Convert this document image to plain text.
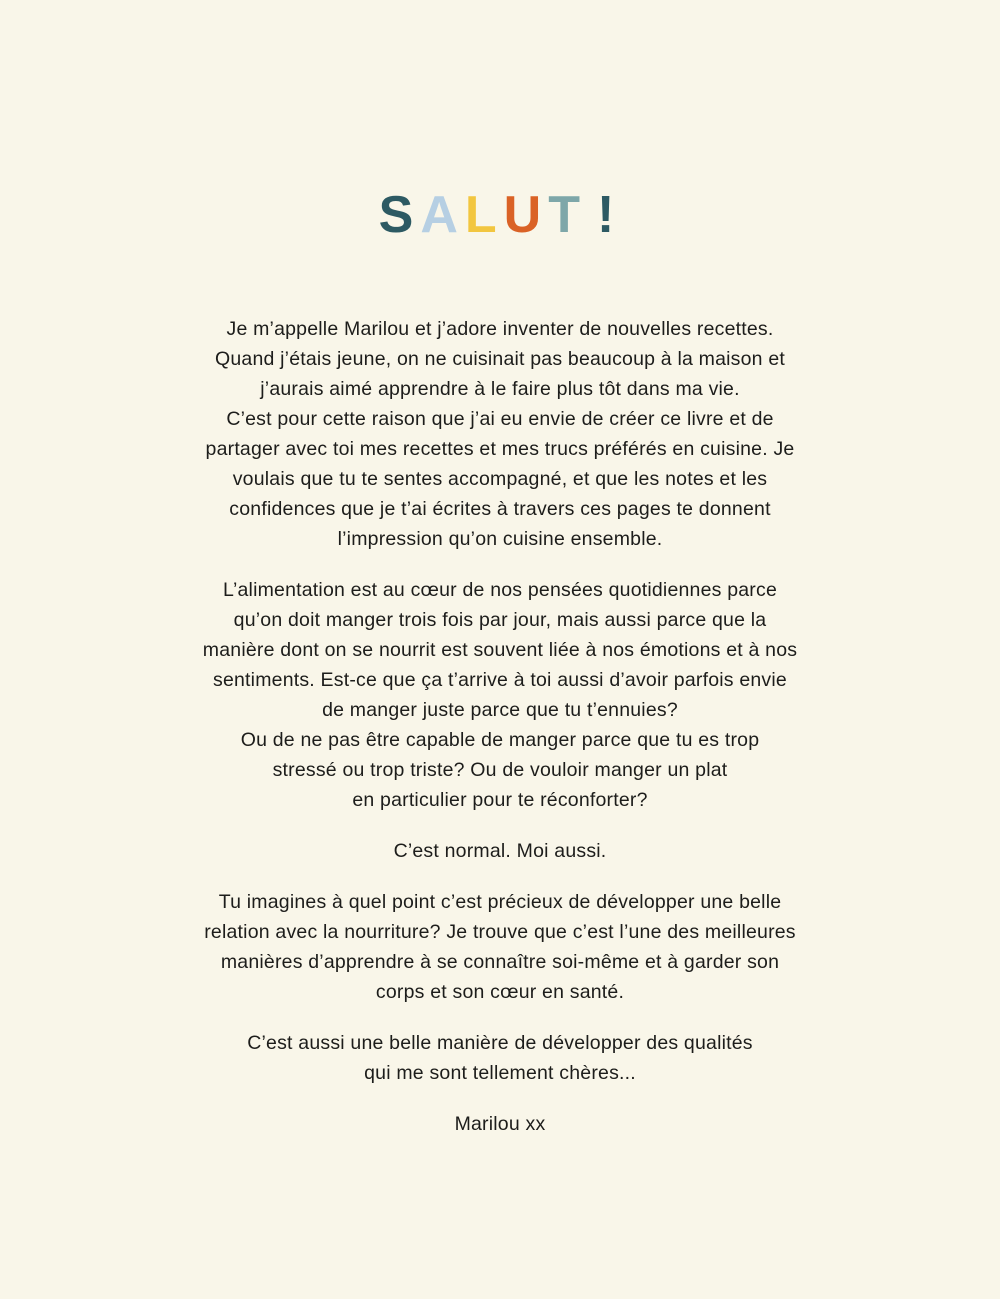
SALUT !

Je m’appelle Marilou et j’adore inventer de nouvelles recettes.
Quand j’étais jeune, on ne cuisinait pas beaucoup à la maison et
j’aurais aimé apprendre à le faire plus tôt dans ma vie.
C’est pour cette raison que j’ai eu envie de créer ce livre et de
partager avec toi mes recettes et mes trucs préférés en cuisine. Je
voulais que tu te sentes accompagné, et que les notes et les
confidences que je t’ai écrites à travers ces pages te donnent
l’impression qu’on cuisine ensemble.

L’alimentation est au cœur de nos pensées quotidiennes parce
qu’on doit manger trois fois par jour, mais aussi parce que la
manière dont on se nourrit est souvent liée à nos émotions et à nos
sentiments. Est-ce que ça t’arrive à toi aussi d’avoir parfois envie
de manger juste parce que tu t’ennuies?
Ou de ne pas être capable de manger parce que tu es trop
stressé ou trop triste? Ou de vouloir manger un plat
en particulier pour te réconforter?

C’est normal. Moi aussi.

Tu imagines à quel point c’est précieux de développer une belle
relation avec la nourriture? Je trouve que c’est l’une des meilleures
manières d’apprendre à se connaître soi-même et à garder son
corps et son cœur en santé.

C’est aussi une belle manière de développer des qualités
qui me sont tellement chères...

Marilou xx
